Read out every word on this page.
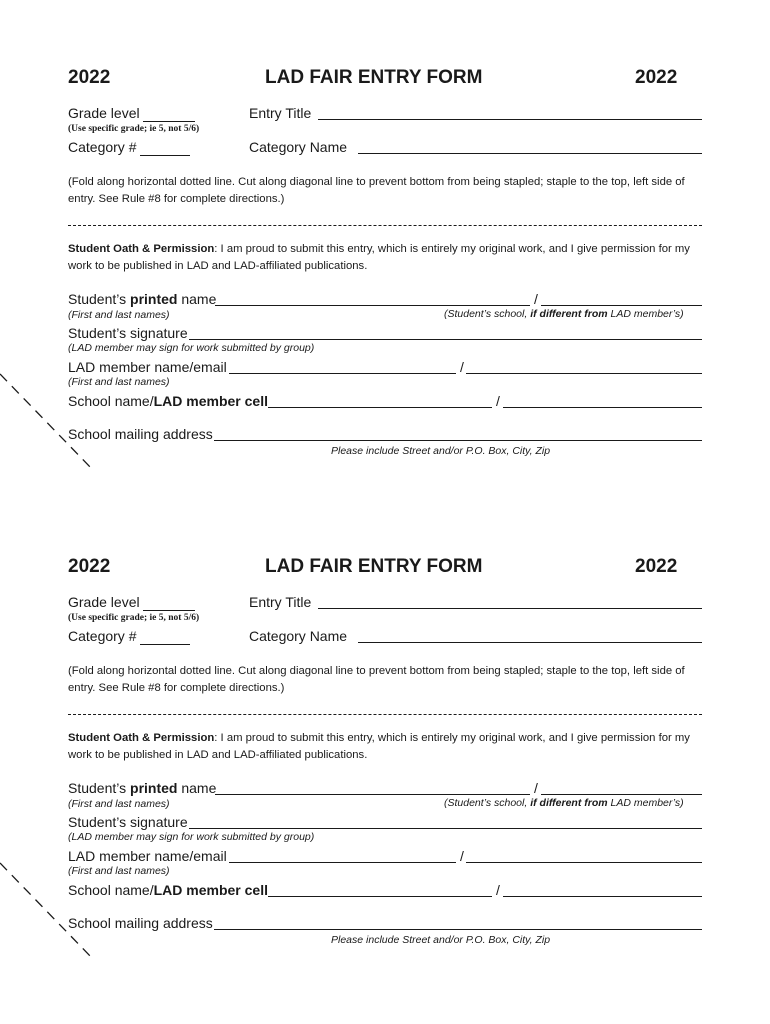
2022	LAD FAIR ENTRY FORM	2022
Grade level
(Use specific grade; ie 5, not 5/6)
Entry Title
Category #	Category Name
(Fold along horizontal dotted line. Cut along diagonal line to prevent bottom from being stapled; staple to the top, left side of entry. See Rule #8 for complete directions.)
Student Oath & Permission: I am proud to submit this entry, which is entirely my original work, and I give permission for my work to be published in LAD and LAD-affiliated publications.
Student’s printed name	/
(First and last names)	(Student’s school, if different from LAD member’s)
Student’s signature
(LAD member may sign for work submitted by group)
LAD member name/email	/
(First and last names)
School name/LAD member cell	/
School mailing address
Please include Street and/or P.O. Box, City, Zip
2022	LAD FAIR ENTRY FORM	2022
Grade level
(Use specific grade; ie 5, not 5/6)
Entry Title
Category #	Category Name
(Fold along horizontal dotted line. Cut along diagonal line to prevent bottom from being stapled; staple to the top, left side of entry. See Rule #8 for complete directions.)
Student Oath & Permission: I am proud to submit this entry, which is entirely my original work, and I give permission for my work to be published in LAD and LAD-affiliated publications.
Student’s printed name	/
(First and last names)	(Student’s school, if different from LAD member’s)
Student’s signature
(LAD member may sign for work submitted by group)
LAD member name/email	/
(First and last names)
School name/LAD member cell	/
School mailing address
Please include Street and/or P.O. Box, City, Zip
